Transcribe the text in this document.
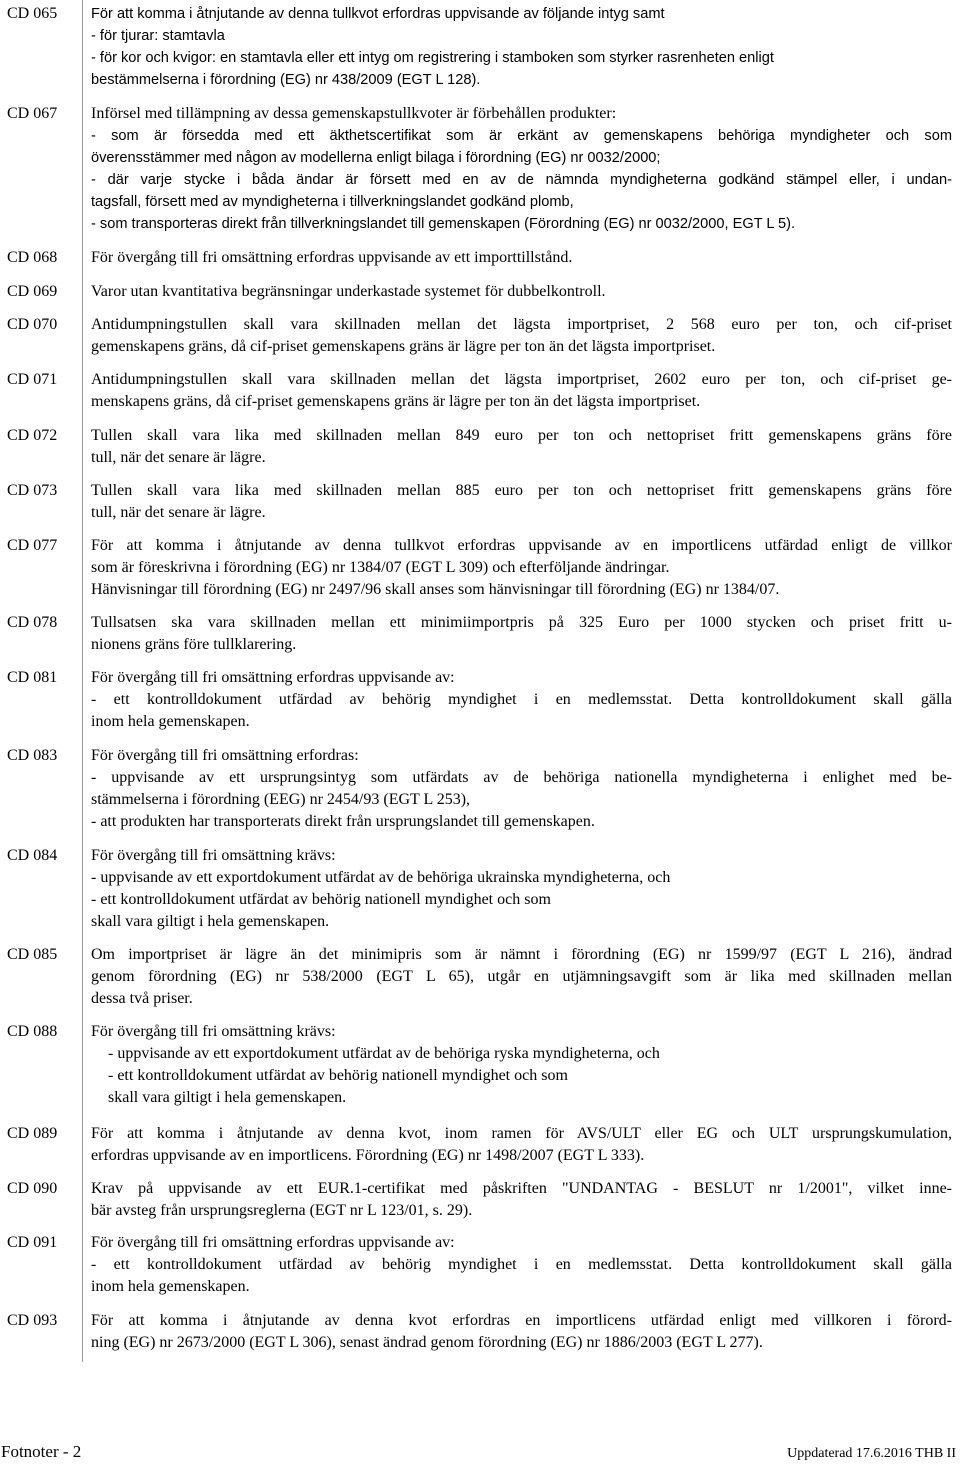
CD 065 För att komma i åtnjutande av denna tullkvot erfordras uppvisande av följande intyg samt
- för tjurar: stamtavla
- för kor och kvigor: en stamtavla eller ett intyg om registrering i stamboken som styrker rasrenheten enligt
bestämmelserna i förordning (EG) nr 438/2009 (EGT L 128).
CD 067 Införsel med tillämpning av dessa gemenskapstullkvoter är förbehållen produkter:
- som är försedda med ett äkthetscertifikat som är erkänt av gemenskapens behöriga myndigheter och som
överensstämmer med någon av modellerna enligt bilaga i förordning (EG) nr 0032/2000;
- där varje stycke i båda ändar är försett med en av de nämnda myndigheterna godkänd stämpel eller, i undan-
tagsfall, försett med av myndigheterna i tillverkningslandet godkänd plomb,
- som transporteras direkt från tillverkningslandet till gemenskapen (Förordning (EG) nr 0032/2000, EGT L 5).
CD 068 För övergång till fri omsättning erfordras uppvisande av ett importtillstånd.
CD 069 Varor utan kvantitativa begränsningar underkastade systemet för dubbelkontroll.
CD 070 Antidumpningstullen skall vara skillnaden mellan det lägsta importpriset, 2 568 euro per ton, och cif-priset
gemenskapens gräns, då cif-priset gemenskapens gräns är lägre per ton än det lägsta importpriset.
CD 071 Antidumpningstullen skall vara skillnaden mellan det lägsta importpriset, 2602 euro per ton, och cif-priset ge-
menskapens gräns, då cif-priset gemenskapens gräns är lägre per ton än det lägsta importpriset.
CD 072 Tullen skall vara lika med skillnaden mellan 849 euro per ton och nettopriset fritt gemenskapens gräns före
tull, när det senare är lägre.
CD 073 Tullen skall vara lika med skillnaden mellan 885 euro per ton och nettopriset fritt gemenskapens gräns före
tull, när det senare är lägre.
CD 077 För att komma i åtnjutande av denna tullkvot erfordras uppvisande av en importlicens utfärdad enligt de villkor
som är föreskrivna i förordning (EG) nr 1384/07 (EGT L 309) och efterföljande ändringar.
Hänvisningar till förordning (EG) nr 2497/96 skall anses som hänvisningar till förordning (EG) nr 1384/07.
CD 078 Tullsatsen ska vara skillnaden mellan ett minimiimportpris på 325 Euro per 1000 stycken och priset fritt u-
nionens gräns före tullklarering.
CD 081 För övergång till fri omsättning erfordras uppvisande av:
- ett kontrolldokument utfärdad av behörig myndighet i en medlemsstat. Detta kontrolldokument skall gälla
inom hela gemenskapen.
CD 083 För övergång till fri omsättning erfordras:
- uppvisande av ett ursprungsintyg som utfärdats av de behöriga nationella myndigheterna i enlighet med be-
stämmelserna i förordning (EEG) nr 2454/93 (EGT L 253),
- att produkten har transporterats direkt från ursprungslandet till gemenskapen.
CD 084 För övergång till fri omsättning krävs:
- uppvisande av ett exportdokument utfärdat av de behöriga ukrainska myndigheterna, och
- ett kontrolldokument utfärdat av behörig nationell myndighet och som
skall vara giltigt i hela gemenskapen.
CD 085 Om importpriset är lägre än det minimipris som är nämnt i förordning (EG) nr 1599/97 (EGT L 216), ändrad
genom förordning (EG) nr 538/2000 (EGT L 65), utgår en utjämningsavgift som är lika med skillnaden mellan
dessa två priser.
CD 088 För övergång till fri omsättning krävs:
- uppvisande av ett exportdokument utfärdat av de behöriga ryska myndigheterna, och
- ett kontrolldokument utfärdat av behörig nationell myndighet och som
skall vara giltigt i hela gemenskapen.
CD 089 För att komma i åtnjutande av denna kvot, inom ramen för AVS/ULT eller EG och ULT ursprungskumulation,
erfordras uppvisande av en importlicens. Förordning (EG) nr 1498/2007 (EGT L 333).
CD 090 Krav på uppvisande av ett EUR.1-certifikat med påskriften "UNDANTAG - BESLUT nr 1/2001", vilket inne-
bär avsteg från ursprungsreglerna (EGT nr L 123/01, s. 29).
CD 091 För övergång till fri omsättning erfordras uppvisande av:
- ett kontrolldokument utfärdad av behörig myndighet i en medlemsstat. Detta kontrolldokument skall gälla
inom hela gemenskapen.
CD 093 För att komma i åtnjutande av denna kvot erfordras en importlicens utfärdad enligt med villkoren i förord-
ning (EG) nr 2673/2000 (EGT L 306), senast ändrad genom förordning (EG) nr 1886/2003 (EGT L 277).
Fotnoter - 2	Uppdaterad 17.6.2016 THB II
